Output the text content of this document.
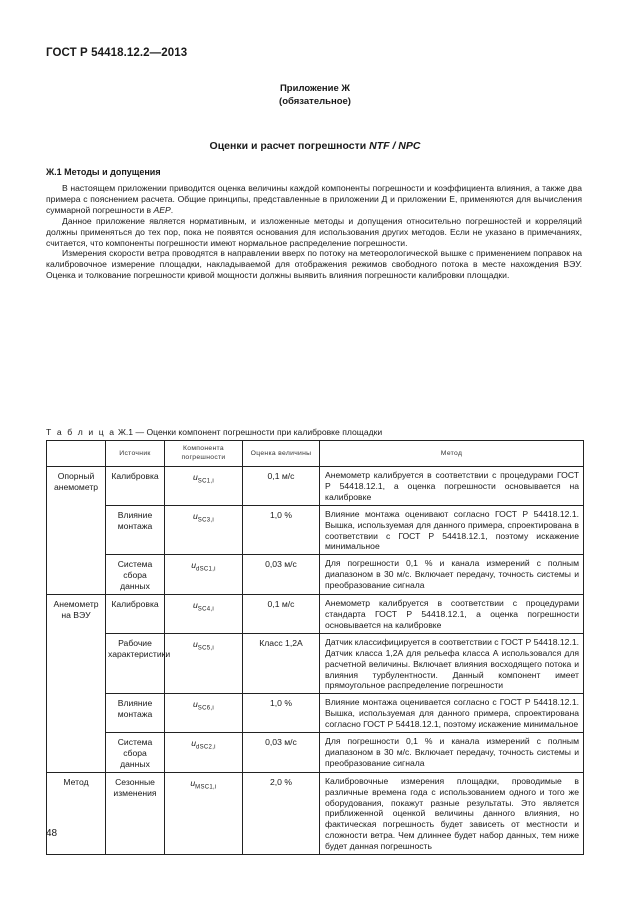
ГОСТ Р 54418.12.2—2013
Приложение Ж
(обязательное)
Оценки и расчет погрешности NTF / NPC
Ж.1 Методы и допущения

В настоящем приложении приводится оценка величины каждой компоненты погрешности и коэффициента влияния, а также два примера с пояснением расчета. Общие принципы, представленные в приложении Д и приложении Е, применяются для вычисления суммарной погрешности в AEP.

Данное приложение является нормативным, и изложенные методы и допущения относительно погрешностей и корреляций должны применяться до тех пор, пока не появятся основания для использования других методов. Если не указано в примечаниях, считается, что компоненты погрешности имеют нормальное распределение погрешности.

Измерения скорости ветра проводятся в направлении вверх по потоку на метеорологической вышке с применением поправок на калибровочное измерение площадки, накладываемой для отображения режимов свободного потока в месте нахождения ВЭУ. Оценка и толкование погрешности кривой мощности должны выявить влияния погрешности калибровки площадки.

Т а б л и ц а Ж.1 — Оценки компонент погрешности при калибровке площадки
	Источник	Компонента погрешности	Оценка величины	Метод
Опорный анемометр	Калибровка	$u_{SC1,i}$	0,1 м/с	Анемометр калибруется в соответствии с процедурами ГОСТ Р 54418.12.1, а оценка погрешности основывается на калибровке
	Влияние монтажа	$u_{SC3,i}$	1,0 %	Влияние монтажа оценивают согласно ГОСТ Р 54418.12.1. Вышка, используемая для данного примера, спроектирована в соответствии с ГОСТ Р 54418.12.1, поэтому искажение минимальное
	Система сбора данных	$u_{dSC1,i}$	0,03 м/с	Для погрешности 0,1 % и канала измерений с полным диапазоном в 30 м/с. Включает передачу, точность системы и преобразование сигнала
Анемометр на ВЭУ	Калибровка	$u_{SC4,i}$	0,1 м/с	Анемометр калибруется в соответствии с процедурами стандарта ГОСТ Р 54418.12.1, а оценка погрешности основывается на калибровке
	Рабочие характеристики	$u_{SC5,i}$	Класс 1,2А	Датчик классифицируется в соответствии с ГОСТ Р 54418.12.1. Датчик класса 1,2А для рельефа класса А использовался для расчетной величины. Включает влияния восходящего потока и влияния турбулентности. Данный компонент имеет прямоугольное распределение погрешности
	Влияние монтажа	$u_{SC6,i}$	1,0 %	Влияние монтажа оценивается согласно с ГОСТ Р 54418.12.1. Вышка, используемая для данного примера, спроектирована согласно ГОСТ Р 54418.12.1, поэтому искажение минимальное
	Система сбора данных	$u_{dSC2,i}$	0,03 м/с	Для погрешности 0,1 % и канала измерений с полным диапазоном в 30 м/с. Включает передачу, точность системы и преобразование сигнала
Метод	Сезонные изменения	$u_{MSC1,i}$	2,0 %	Калибровочные измерения площадки, проводимые в различные времена года с использованием одного и того же оборудования, покажут разные результаты. Это является приближенной оценкой величины данного влияния, но фактическая погрешность будет зависеть от местности и сложности ветра. Чем длиннее будет набор данных, тем ниже будет данная погрешность
48
